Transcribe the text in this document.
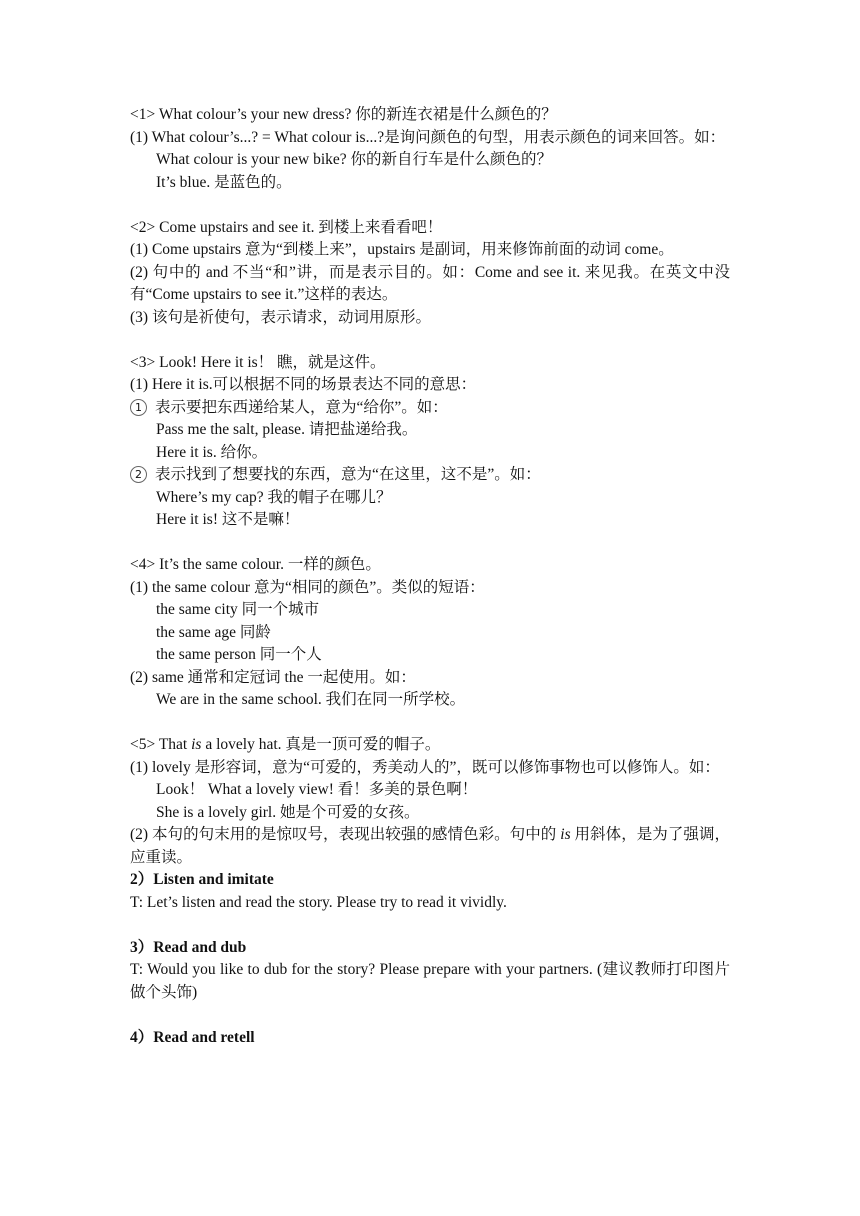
<1> What colour’s your new dress? 你的新连衣裙是什么颜色的？
(1) What colour’s...? = What colour is...?是询问颜色的句型，用表示颜色的词来回答。如：
What colour is your new bike? 你的新自行车是什么颜色的？
It’s blue. 是蓝色的。
<2> Come upstairs and see it. 到楼上来看看吧！
(1) Come upstairs 意为“到楼上来”，upstairs 是副词，用来修饰前面的动词 come。
(2) 句中的 and 不当“和”讲，而是表示目的。如：Come and see it. 来见我。在英文中没有“Come upstairs to see it.”这样的表达。
(3) 该句是祈使句，表示请求，动词用原形。
<3> Look! Here it is！ 瞧，就是这件。
(1) Here it is.可以根据不同的场景表达不同的意思：
1 表示要把东西递给某人，意为“给你”。如：
Pass me the salt, please. 请把盐递给我。
Here it is. 给你。
2 表示找到了想要找的东西，意为“在这里，这不是”。如：
Where’s my cap? 我的帽子在哪儿？
Here it is! 这不是嘛！
<4> It’s the same colour. 一样的颜色。
(1) the same colour 意为“相同的颜色”。类似的短语：
the same city 同一个城市
the same age 同龄
the same person 同一个人
(2) same 通常和定冠词 the 一起使用。如：
We are in the same school. 我们在同一所学校。
<5> That is a lovely hat. 真是一顶可爱的帽子。
(1) lovely 是形容词，意为“可爱的，秀美动人的”，既可以修饰事物也可以修饰人。如：
Look！ What a lovely view! 看！多美的景色啊！
She is a lovely girl. 她是个可爱的女孩。
(2) 本句的句末用的是惊叹号，表现出较强的感情色彩。句中的 is 用斜体，是为了强调，应重读。
2）Listen and imitate
T: Let’s listen and read the story. Please try to read it vividly.
3）Read and dub
T: Would you like to dub for the story? Please prepare with your partners. (建议教师打印图片做个头饰)
4）Read and retell
